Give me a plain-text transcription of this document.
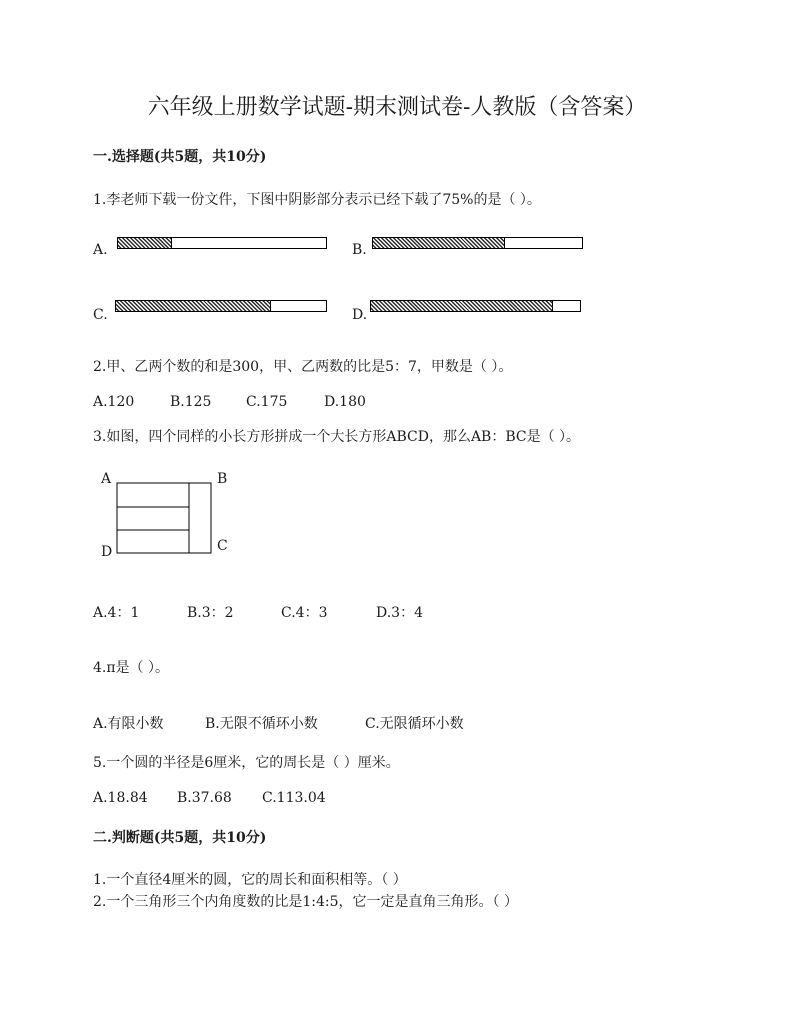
六年级上册数学试题-期末测试卷-人教版（含答案）
一.选择题(共5题，共10分)
1.李老师下载一份文件，下图中阴影部分表示已经下载了75%的是（ ）。
A.	B.
C.	D.
2.甲、乙两个数的和是300，甲、乙两数的比是5：7，甲数是（ ）。
A.120	B.125 C.175	D.180
3.如图，四个同样的小长方形拼成一个大长方形ABCD，那么AB：BC是（ ）。
A	B
C
D
A.4：1	B.3：2	C.4：3	D.3：4
4.π是（ ）。
A.有限小数	B.无限不循环小数	C.无限循环小数
5.一个圆的半径是6厘米，它的周长是（ ）厘米。
A.18.84 B.37.68 C.113.04
二.判断题(共5题，共10分)
1.一个直径4厘米的圆，它的周长和面积相等。（ ）
2.一个三角形三个内角度数的比是1:4:5，它一定是直角三角形。（ ）
